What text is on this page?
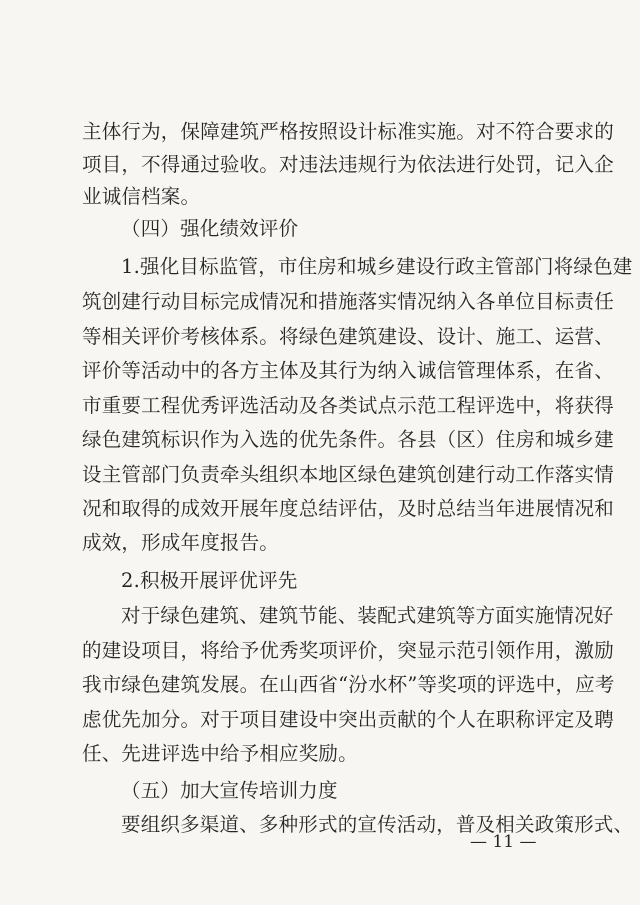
主体行为，保障建筑严格按照设计标准实施。对不符合要求的
项目，不得通过验收。对违法违规行为依法进行处罚，记入企
业诚信档案。
（四）强化绩效评价
1.强化目标监管，市住房和城乡建设行政主管部门将绿色建
筑创建行动目标完成情况和措施落实情况纳入各单位目标责任
等相关评价考核体系。将绿色建筑建设、设计、施工、运营、
评价等活动中的各方主体及其行为纳入诚信管理体系，在省、
市重要工程优秀评选活动及各类试点示范工程评选中，将获得
绿色建筑标识作为入选的优先条件。各县（区）住房和城乡建
设主管部门负责牵头组织本地区绿色建筑创建行动工作落实情
况和取得的成效开展年度总结评估，及时总结当年进展情况和
成效，形成年度报告。
2.积极开展评优评先
对于绿色建筑、建筑节能、装配式建筑等方面实施情况好
的建设项目，将给予优秀奖项评价，突显示范引领作用，激励
我市绿色建筑发展。在山西省“汾水杯”等奖项的评选中，应考
虑优先加分。对于项目建设中突出贡献的个人在职称评定及聘
任、先进评选中给予相应奖励。
（五）加大宣传培训力度
要组织多渠道、多种形式的宣传活动，普及相关政策形式、
— 11 —
